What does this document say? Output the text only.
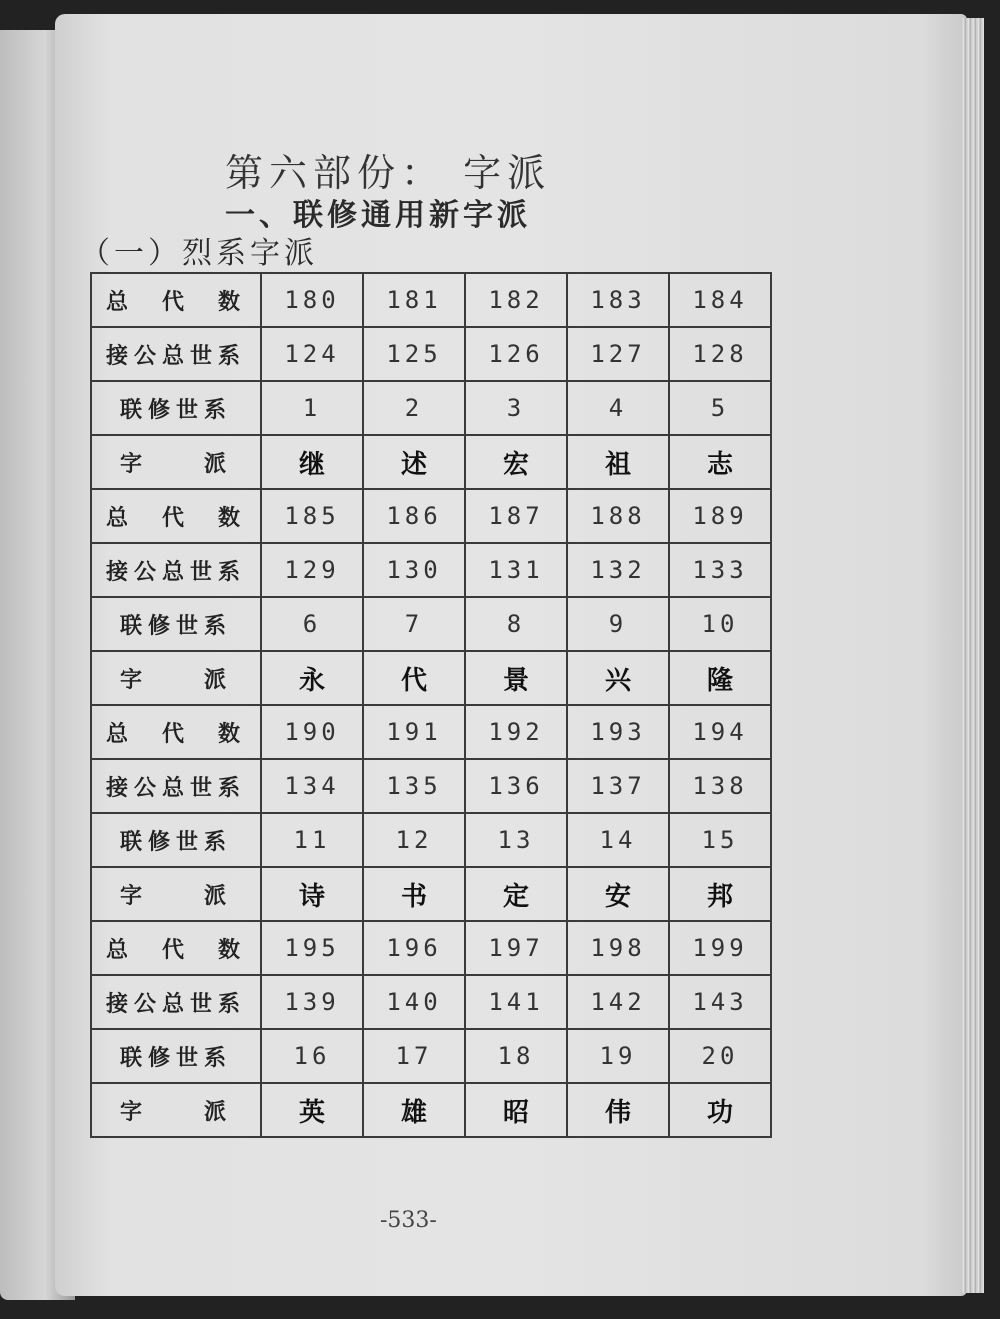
第六部份： 字派
一、联修通用新字派
（一）烈系字派
总　代　数	180	181	182	183	184
接公总世系	124	125	126	127	128
联修世系	1	2	3	4	5
字　　派	继	述	宏	祖	志
总　代　数	185	186	187	188	189
接公总世系	129	130	131	132	133
联修世系	6	7	8	9	10
字　　派	永	代	景	兴	隆
总　代　数	190	191	192	193	194
接公总世系	134	135	136	137	138
联修世系	11	12	13	14	15
字　　派	诗	书	定	安	邦
总　代　数	195	196	197	198	199
接公总世系	139	140	141	142	143
联修世系	16	17	18	19	20
字　　派	英	雄	昭	伟	功
-533-
